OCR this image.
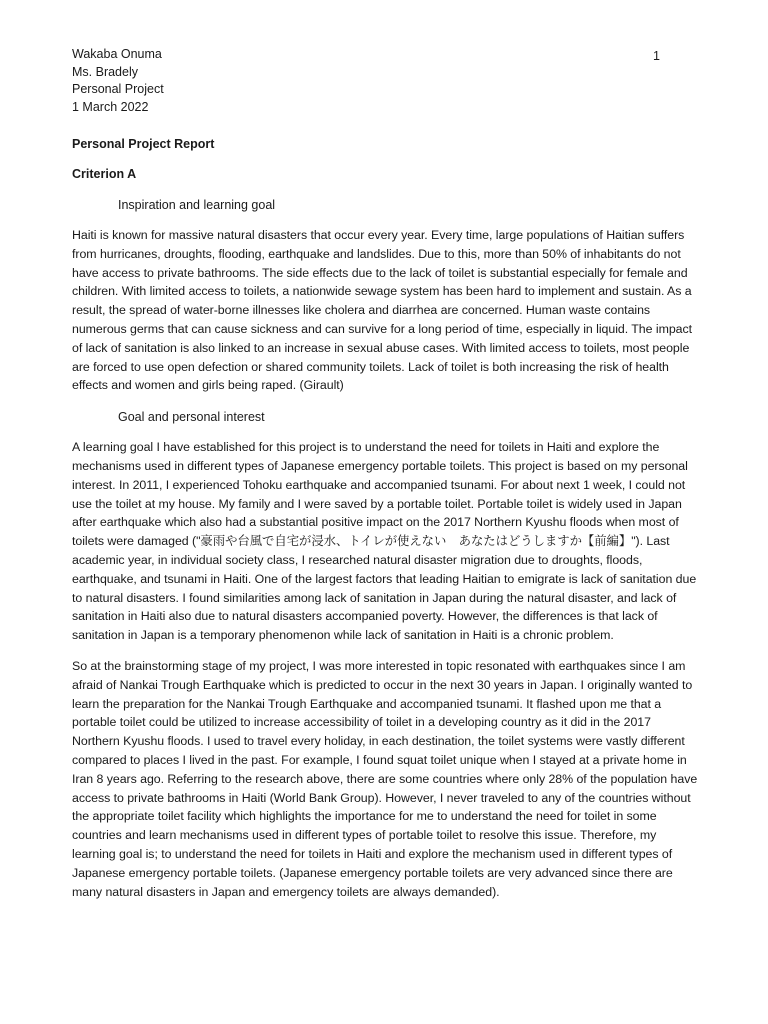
1

Wakaba Onuma

Ms. Bradely

Personal Project

1 March 2022

Personal Project Report

Criterion A

Inspiration and learning goal

Haiti is known for massive natural disasters that occur every year. Every time, large populations of Haitian suffers from hurricanes, droughts, flooding, earthquake and landslides. Due to this, more than 50% of inhabitants do not have access to private bathrooms. The side effects due to the lack of toilet is substantial especially for female and children. With limited access to toilets, a nationwide sewage system has been hard to implement and sustain. As a result, the spread of water-borne illnesses like cholera and diarrhea are concerned. Human waste contains numerous germs that can cause sickness and can survive for a long period of time, especially in liquid. The impact of lack of sanitation is also linked to an increase in sexual abuse cases. With limited access to toilets, most people are forced to use open defection or shared community toilets. Lack of toilet is both increasing the risk of health effects and women and girls being raped. (Girault)

Goal and personal interest

A learning goal I have established for this project is to understand the need for toilets in Haiti and explore the mechanisms used in different types of Japanese emergency portable toilets. This project is based on my personal interest. In 2011, I experienced Tohoku earthquake and accompanied tsunami. For about next 1 week, I could not use the toilet at my house. My family and I were saved by a portable toilet. Portable toilet is widely used in Japan after earthquake which also had a substantial positive impact on the 2017 Northern Kyushu floods when most of toilets were damaged ("豪雨や台風で自宅が浸水、トイレが使えない　あなたはどうしますか【前編】"). Last academic year, in individual society class, I researched natural disaster migration due to droughts, floods, earthquake, and tsunami in Haiti. One of the largest factors that leading Haitian to emigrate is lack of sanitation due to natural disasters. I found similarities among lack of sanitation in Japan during the natural disaster, and lack of sanitation in Haiti also due to natural disasters accompanied poverty. However, the differences is that lack of sanitation in Japan is a temporary phenomenon while lack of sanitation in Haiti is a chronic problem.

So at the brainstorming stage of my project, I was more interested in topic resonated with earthquakes since I am afraid of Nankai Trough Earthquake which is predicted to occur in the next 30 years in Japan. I originally wanted to learn the preparation for the Nankai Trough Earthquake and accompanied tsunami. It flashed upon me that a portable toilet could be utilized to increase accessibility of toilet in a developing country as it did in the 2017 Northern Kyushu floods. I used to travel every holiday, in each destination, the toilet systems were vastly different compared to places I lived in the past. For example, I found squat toilet unique when I stayed at a private home in Iran 8 years ago. Referring to the research above, there are some countries where only 28% of the population have access to private bathrooms in Haiti (World Bank Group). However, I never traveled to any of the countries without the appropriate toilet facility which highlights the importance for me to understand the need for toilet in some countries and learn mechanisms used in different types of portable toilet to resolve this issue. Therefore, my learning goal is; to understand the need for toilets in Haiti and explore the mechanism used in different types of Japanese emergency portable toilets. (Japanese emergency portable toilets are very advanced since there are many natural disasters in Japan and emergency toilets are always demanded).
